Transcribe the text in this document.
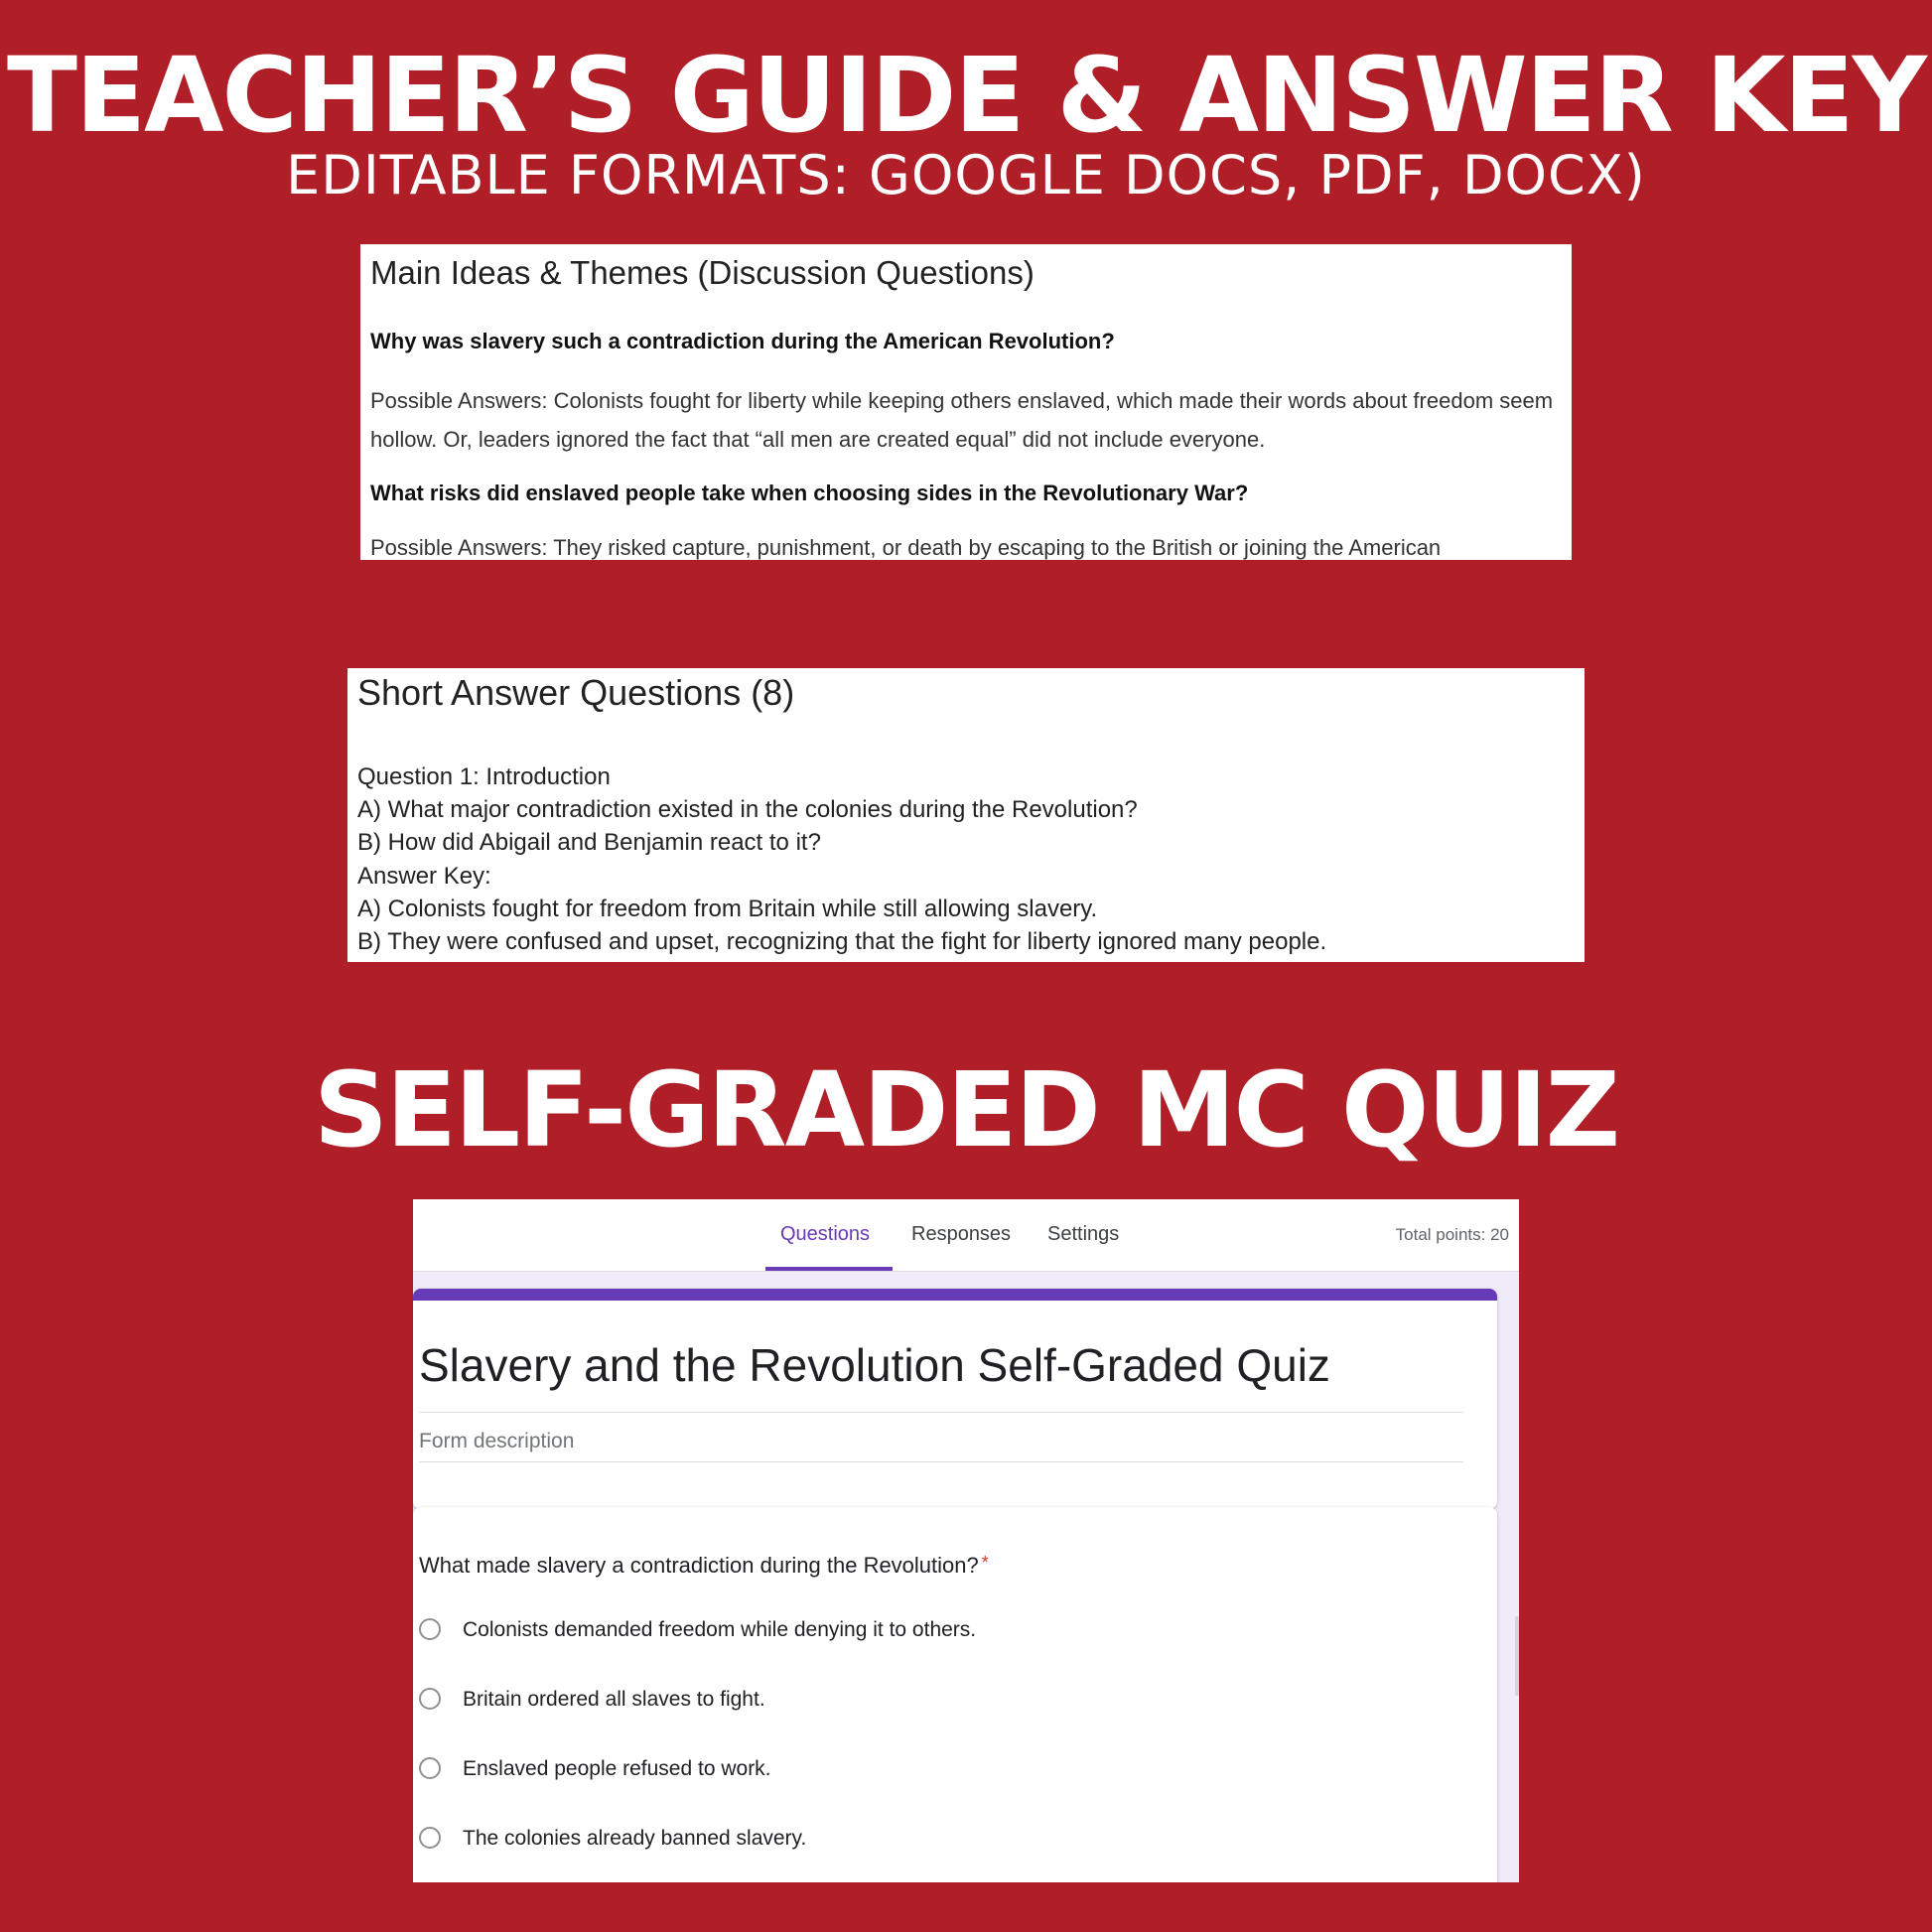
TEACHER’S GUIDE & ANSWER KEY
EDITABLE FORMATS: GOOGLE DOCS, PDF, DOCX)
Main Ideas & Themes (Discussion Questions)
Why was slavery such a contradiction during the American Revolution?
Possible Answers: Colonists fought for liberty while keeping others enslaved, which made their words about freedom seem hollow. Or, leaders ignored the fact that “all men are created equal” did not include everyone.
What risks did enslaved people take when choosing sides in the Revolutionary War?
Possible Answers: They risked capture, punishment, or death by escaping to the British or joining the American
Short Answer Questions (8)
Question 1: Introduction
A) What major contradiction existed in the colonies during the Revolution?
B) How did Abigail and Benjamin react to it?
Answer Key:
A) Colonists fought for freedom from Britain while still allowing slavery.
B) They were confused and upset, recognizing that the fight for liberty ignored many people.
SELF-GRADED MC QUIZ
Questions Responses Settings	Total points: 20
Slavery and the Revolution Self-Graded Quiz
Form description
What made slavery a contradiction during the Revolution? *
Colonists demanded freedom while denying it to others.
Britain ordered all slaves to fight.
Enslaved people refused to work.
The colonies already banned slavery.
